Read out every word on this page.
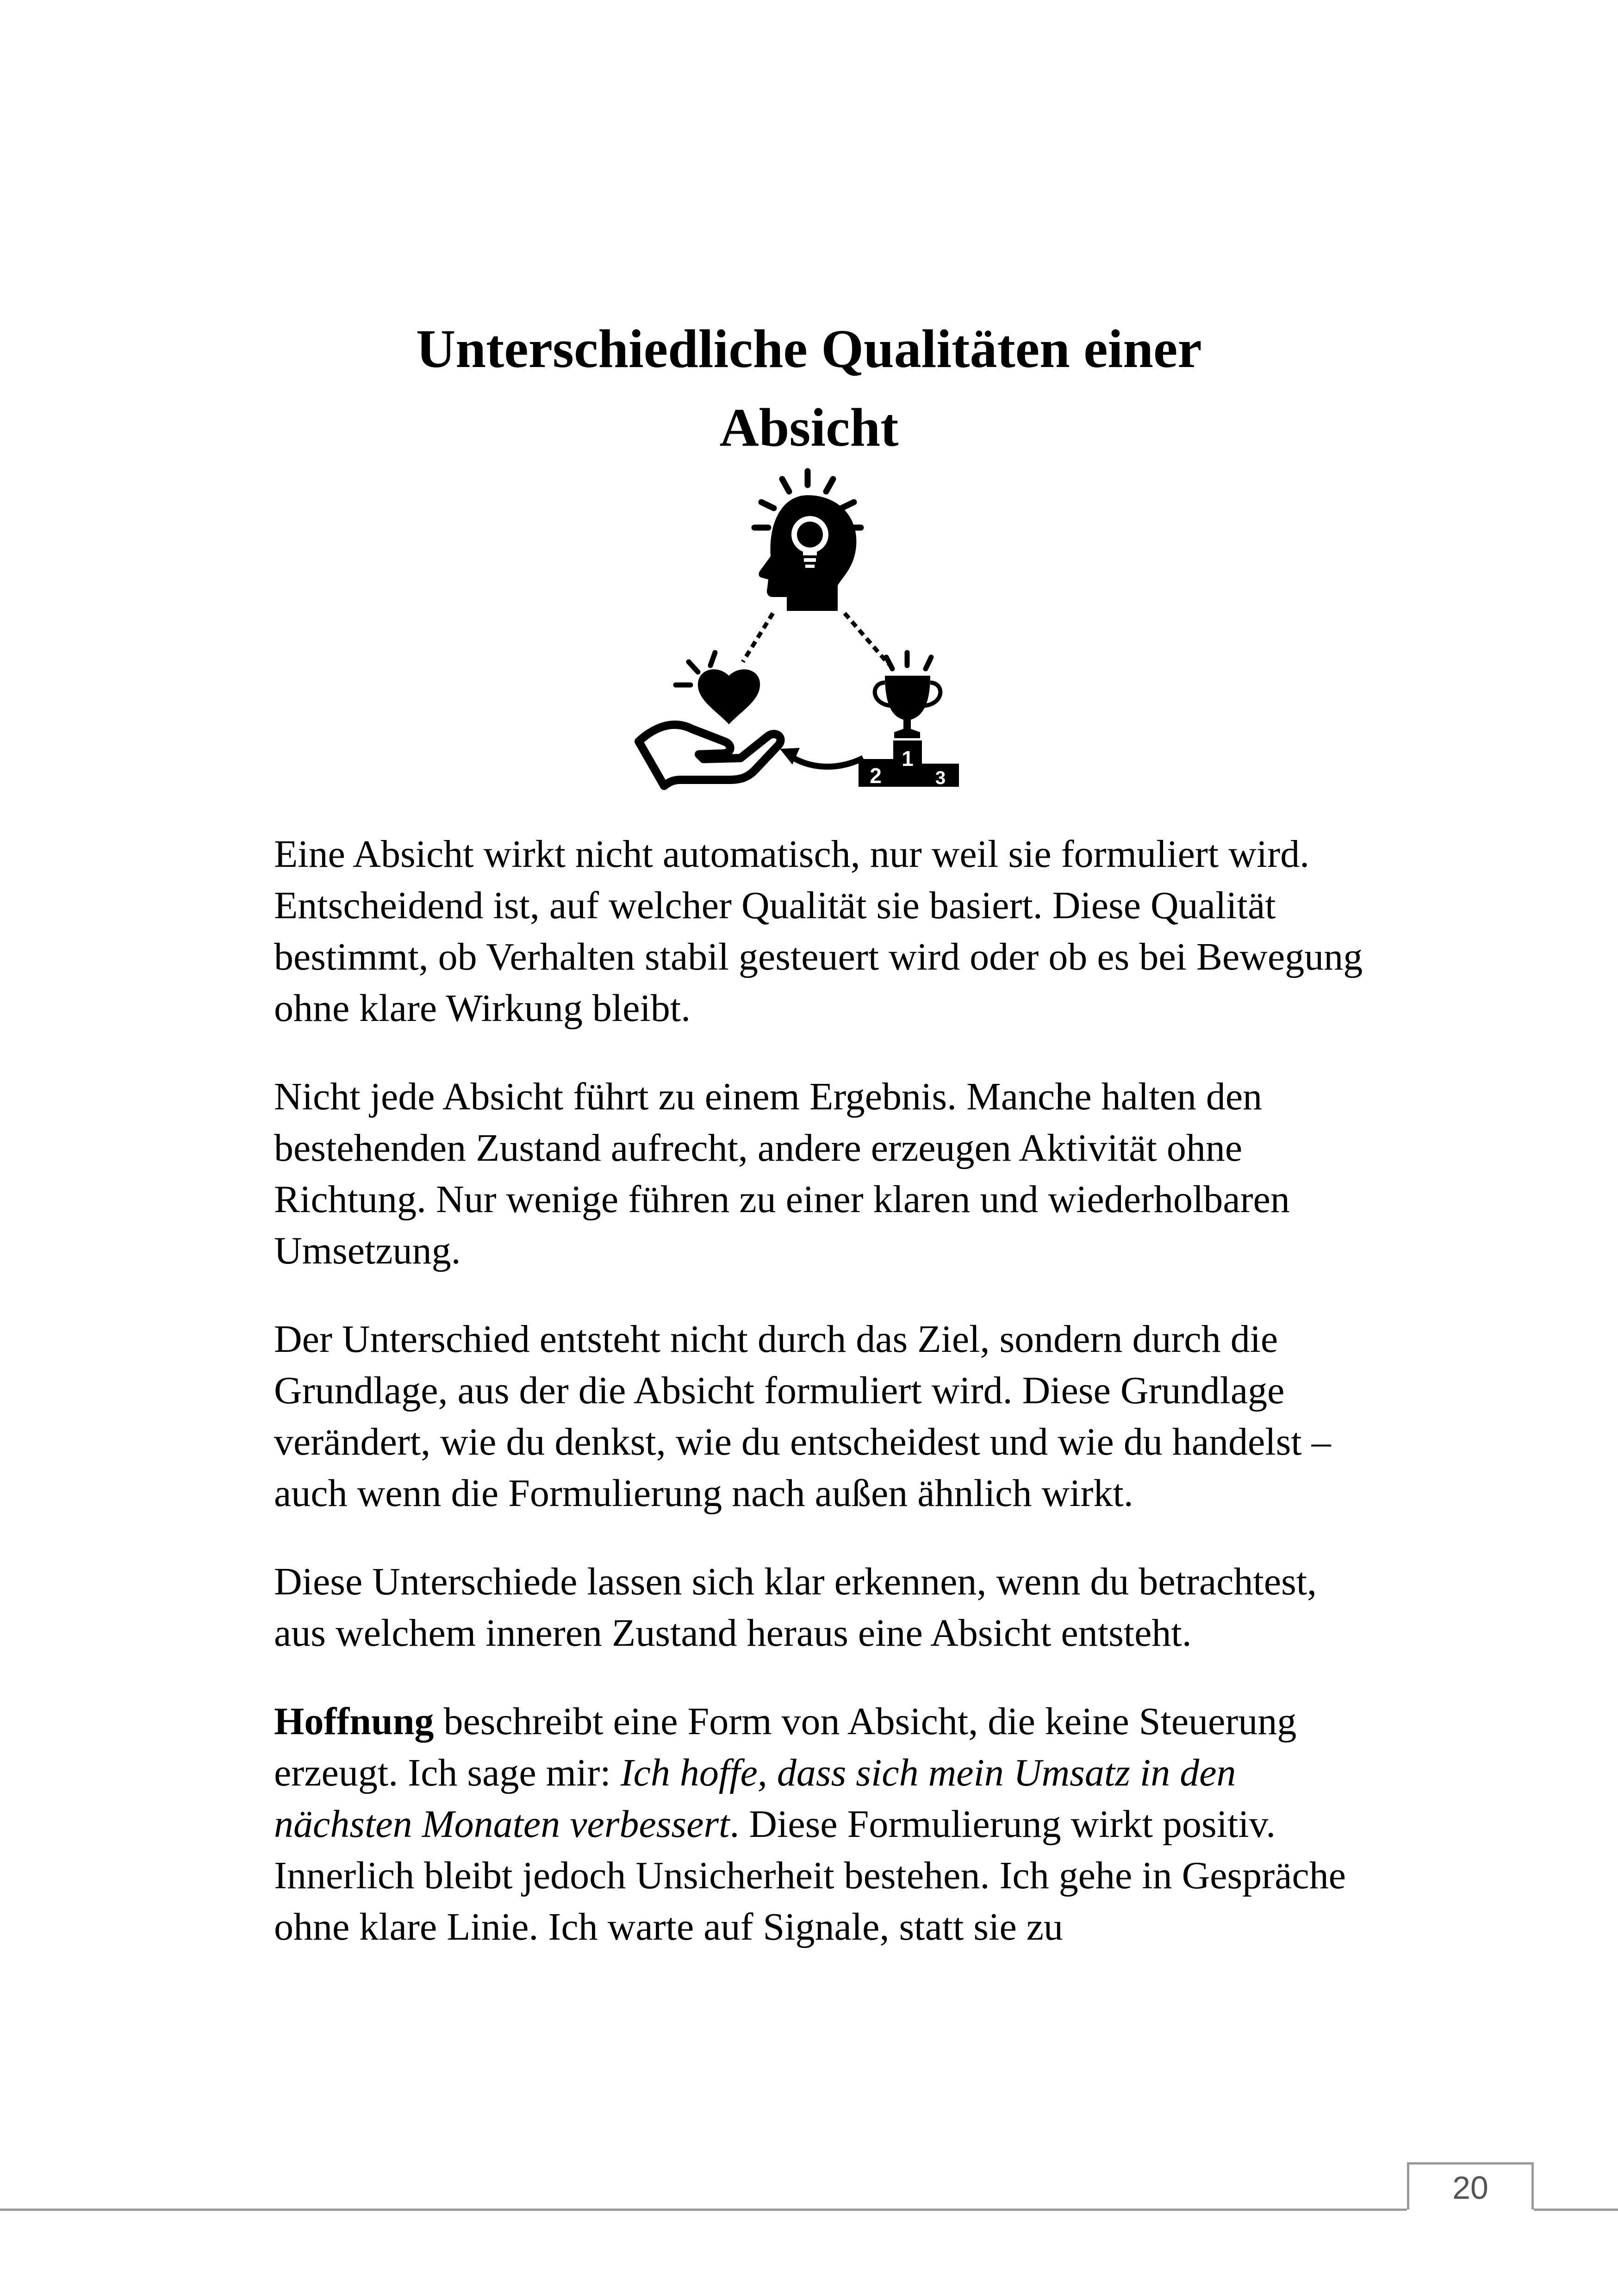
Unterschiedliche Qualitäten einer
Absicht
1
2	3

Eine Absicht wirkt nicht automatisch, nur weil sie formuliert wird. Entscheidend ist, auf welcher Qualität sie basiert. Diese Qualität bestimmt, ob Verhalten stabil gesteuert wird oder ob es bei Bewegung ohne klare Wirkung bleibt.

Nicht jede Absicht führt zu einem Ergebnis. Manche halten den bestehenden Zustand aufrecht, andere erzeugen Aktivität ohne Richtung. Nur wenige führen zu einer klaren und wiederholbaren Umsetzung.

Der Unterschied entsteht nicht durch das Ziel, sondern durch die Grundlage, aus der die Absicht formuliert wird. Diese Grundlage verändert, wie du denkst, wie du entscheidest und wie du handelst – auch wenn die Formulierung nach außen ähnlich wirkt.

Diese Unterschiede lassen sich klar erkennen, wenn du betrachtest, aus welchem inneren Zustand heraus eine Absicht entsteht.

Hoffnung beschreibt eine Form von Absicht, die keine Steuerung erzeugt. Ich sage mir: Ich hoffe, dass sich mein Umsatz in den nächsten Monaten verbessert. Diese Formulierung wirkt positiv. Innerlich bleibt jedoch Unsicherheit bestehen. Ich gehe in Gespräche ohne klare Linie. Ich warte auf Signale, statt sie zu

20
